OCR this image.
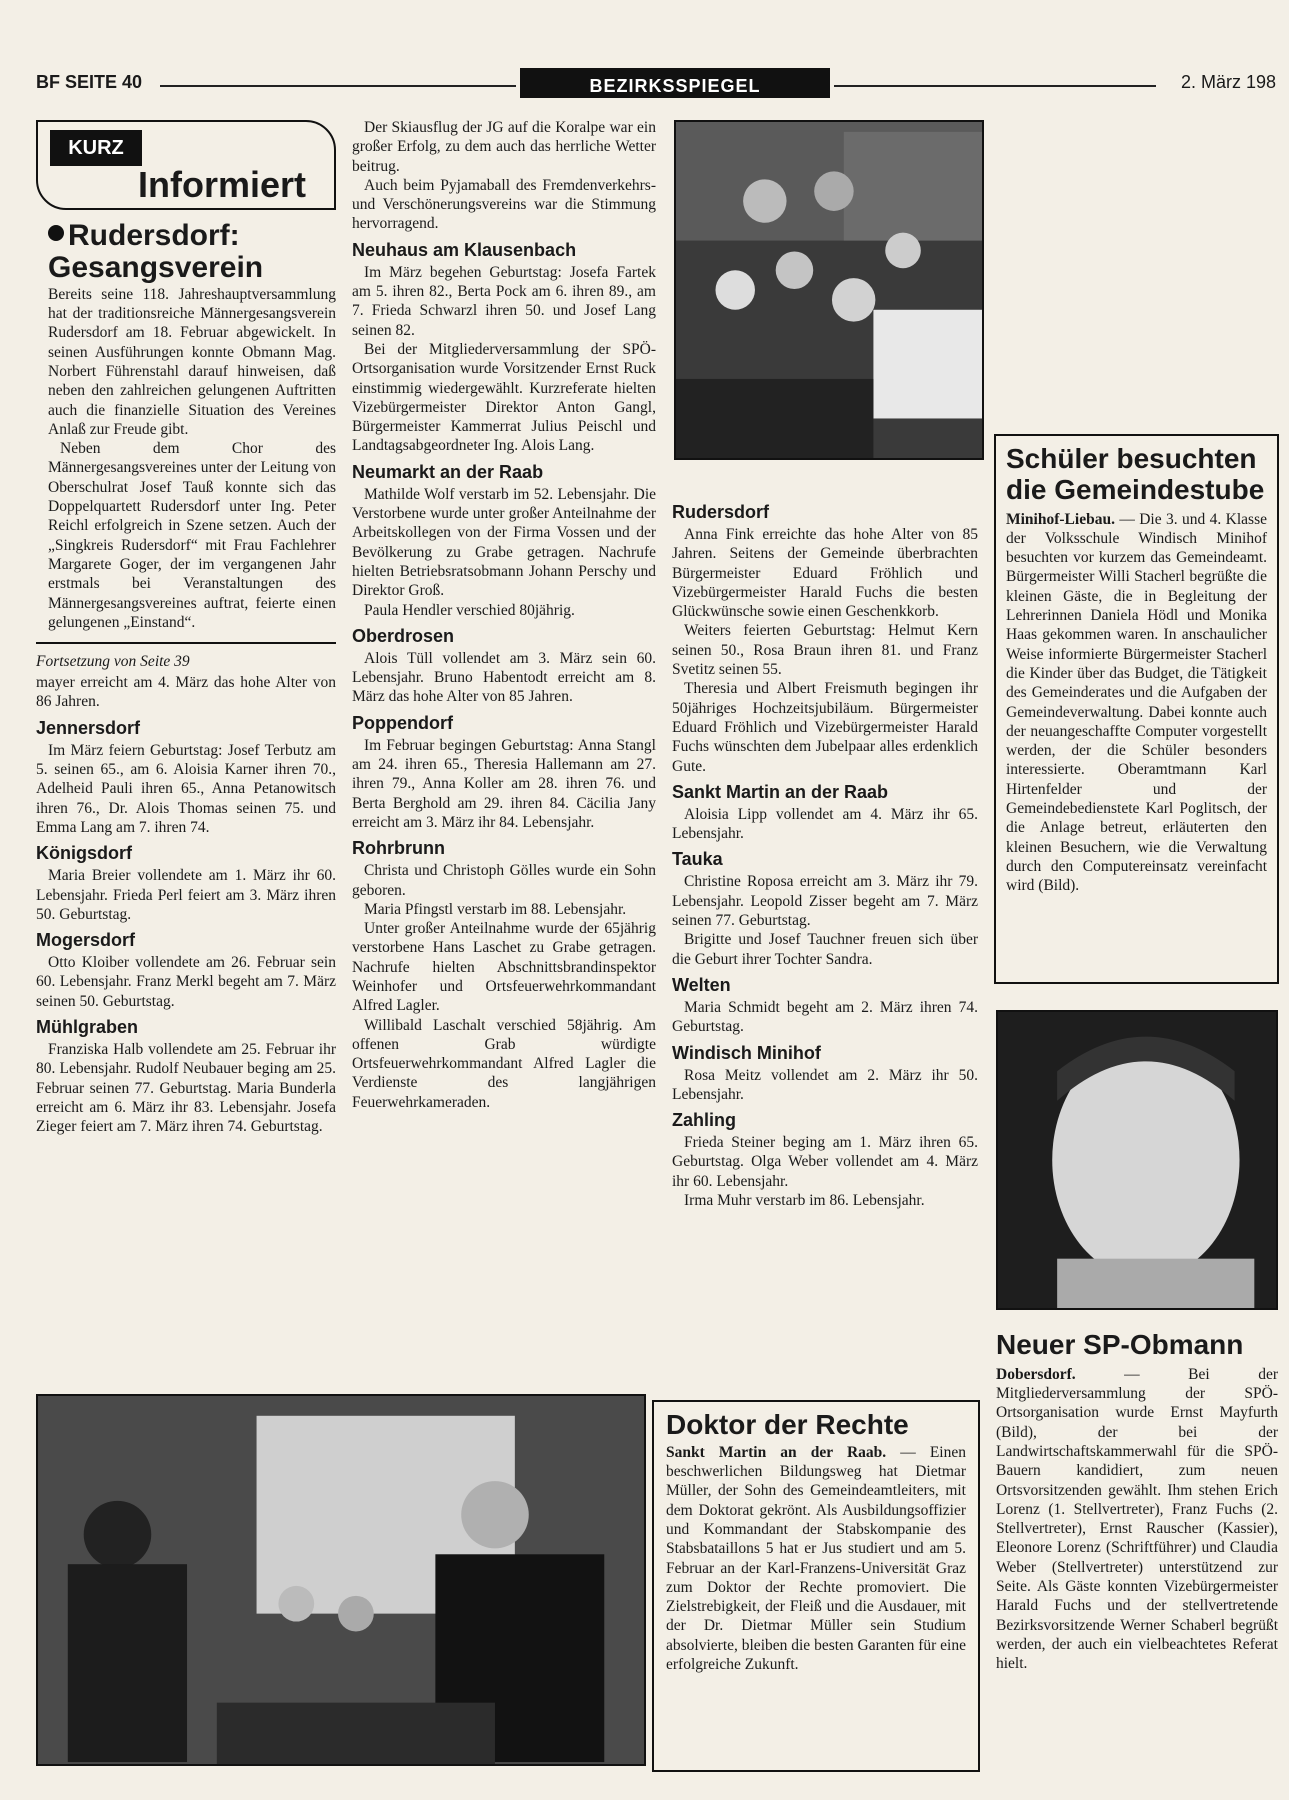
BF SEITE 40	BEZIRKSSPIEGEL	2. März 198
KURZ
Informiert
Rudersdorf: Gesangsverein

Bereits seine 118. Jahreshauptversammlung hat der traditionsreiche Männergesangsverein Rudersdorf am 18. Februar abgewickelt. In seinen Ausführungen konnte Obmann Mag. Norbert Führenstahl darauf hinweisen, daß neben den zahlreichen gelungenen Auftritten auch die finanzielle Situation des Vereines Anlaß zur Freude gibt.

Neben dem Chor des Männergesangsvereines unter der Leitung von Oberschulrat Josef Tauß konnte sich das Doppelquartett Rudersdorf unter Ing. Peter Reichl erfolgreich in Szene setzen. Auch der „Singkreis Rudersdorf“ mit Frau Fachlehrer Margarete Goger, der im vergangenen Jahr erstmals bei Veranstaltungen des Männergesangsvereines auftrat, feierte einen gelungenen „Einstand“.

Fortsetzung von Seite 39

mayer erreicht am 4. März das hohe Alter von 86 Jahren.

Jennersdorf

Im März feiern Geburtstag: Josef Terbutz am 5. seinen 65., am 6. Aloisia Karner ihren 70., Adelheid Pauli ihren 65., Anna Petanowitsch ihren 76., Dr. Alois Thomas seinen 75. und Emma Lang am 7. ihren 74.

Königsdorf

Maria Breier vollendete am 1. März ihr 60. Lebensjahr. Frieda Perl feiert am 3. März ihren 50. Geburtstag.

Mogersdorf

Otto Kloiber vollendete am 26. Februar sein 60. Lebensjahr. Franz Merkl begeht am 7. März seinen 50. Geburtstag.

Mühlgraben

Franziska Halb vollendete am 25. Februar ihr 80. Lebensjahr. Rudolf Neubauer beging am 25. Februar seinen 77. Geburtstag. Maria Bunderla erreicht am 6. März ihr 83. Lebensjahr. Josefa Zieger feiert am 7. März ihren 74. Geburtstag.

Der Skiausflug der JG auf die Koralpe war ein großer Erfolg, zu dem auch das herrliche Wetter beitrug.

Auch beim Pyjamaball des Fremdenverkehrs- und Verschönerungsvereins war die Stimmung hervorragend.

Neuhaus am Klausenbach

Im März begehen Geburtstag: Josefa Fartek am 5. ihren 82., Berta Pock am 6. ihren 89., am 7. Frieda Schwarzl ihren 50. und Josef Lang seinen 82.

Bei der Mitgliederversammlung der SPÖ-Ortsorganisation wurde Vorsitzender Ernst Ruck einstimmig wiedergewählt. Kurzreferate hielten Vizebürgermeister Direktor Anton Gangl, Bürgermeister Kammerrat Julius Peischl und Landtagsabgeordneter Ing. Alois Lang.

Neumarkt an der Raab

Mathilde Wolf verstarb im 52. Lebensjahr. Die Verstorbene wurde unter großer Anteilnahme der Arbeitskollegen von der Firma Vossen und der Bevölkerung zu Grabe getragen. Nachrufe hielten Betriebsratsobmann Johann Perschy und Direktor Groß.

Paula Hendler verschied 80jährig.

Oberdrosen

Alois Tüll vollendet am 3. März sein 60. Lebensjahr. Bruno Habentodt erreicht am 8. März das hohe Alter von 85 Jahren.

Poppendorf

Im Februar begingen Geburtstag: Anna Stangl am 24. ihren 65., Theresia Hallemann am 27. ihren 79., Anna Koller am 28. ihren 76. und Berta Berghold am 29. ihren 84. Cäcilia Jany erreicht am 3. März ihr 84. Lebensjahr.

Rohrbrunn

Christa und Christoph Gölles wurde ein Sohn geboren.

Maria Pfingstl verstarb im 88. Lebensjahr.

Unter großer Anteilnahme wurde der 65jährig verstorbene Hans Laschet zu Grabe getragen. Nachrufe hielten Abschnittsbrandinspektor Weinhofer und Ortsfeuerwehrkommandant Alfred Lagler.

Willibald Laschalt verschied 58jährig. Am offenen Grab würdigte Ortsfeuerwehrkommandant Alfred Lagler die Verdienste des langjährigen Feuerwehrkameraden.

Rudersdorf

Anna Fink erreichte das hohe Alter von 85 Jahren. Seitens der Gemeinde überbrachten Bürgermeister Eduard Fröhlich und Vizebürgermeister Harald Fuchs die besten Glückwünsche sowie einen Geschenkkorb.

Weiters feierten Geburtstag: Helmut Kern seinen 50., Rosa Braun ihren 81. und Franz Svetitz seinen 55.

Theresia und Albert Freismuth begingen ihr 50jähriges Hochzeitsjubiläum. Bürgermeister Eduard Fröhlich und Vizebürgermeister Harald Fuchs wünschten dem Jubelpaar alles erdenklich Gute.

Sankt Martin an der Raab

Aloisia Lipp vollendet am 4. März ihr 65. Lebensjahr.

Tauka

Christine Roposa erreicht am 3. März ihr 79. Lebensjahr. Leopold Zisser begeht am 7. März seinen 77. Geburtstag.

Brigitte und Josef Tauchner freuen sich über die Geburt ihrer Tochter Sandra.

Welten

Maria Schmidt begeht am 2. März ihren 74. Geburtstag.

Windisch Minihof

Rosa Meitz vollendet am 2. März ihr 50. Lebensjahr.

Zahling

Frieda Steiner beging am 1. März ihren 65. Geburtstag. Olga Weber vollendet am 4. März ihr 60. Lebensjahr.

Irma Muhr verstarb im 86. Lebensjahr.

Schüler besuchten die Gemeindestube

Minihof-Liebau. — Die 3. und 4. Klasse der Volksschule Windisch Minihof besuchten vor kurzem das Gemeindeamt. Bürgermeister Willi Stacherl begrüßte die kleinen Gäste, die in Begleitung der Lehrerinnen Daniela Hödl und Monika Haas gekommen waren. In anschaulicher Weise informierte Bürgermeister Stacherl die Kinder über das Budget, die Tätigkeit des Gemeinderates und die Aufgaben der Gemeindeverwaltung. Dabei konnte auch der neuangeschaffte Computer vorgestellt werden, der die Schüler besonders interessierte. Oberamtmann Karl Hirtenfelder und der Gemeindebedienstete Karl Poglitsch, der die Anlage betreut, erläuterten den kleinen Besuchern, wie die Verwaltung durch den Computereinsatz vereinfacht wird (Bild).

Neuer SP-Obmann

Dobersdorf.	— Bei der Mitgliederversammlung der SPÖ-Ortsorganisation wurde Ernst Mayfurth (Bild), der bei der Landwirtschaftskammerwahl für die SPÖ-Bauern kandidiert, zum neuen Ortsvorsitzenden gewählt. Ihm stehen Erich Lorenz (1. Stellvertreter), Franz Fuchs (2. Stellvertreter), Ernst Rauscher (Kassier), Eleonore Lorenz (Schriftführer) und Claudia Weber (Stellvertreter) unterstützend zur Seite. Als Gäste konnten Vizebürgermeister Harald Fuchs und der stellvertretende Bezirksvorsitzende Werner Schaberl begrüßt werden, der auch ein vielbeachtetes Referat hielt.

Doktor der Rechte

Sankt Martin an der Raab. — Einen beschwerlichen Bildungsweg hat Dietmar Müller, der Sohn des Gemeindeamtleiters, mit dem Doktorat gekrönt. Als Ausbildungsoffizier und Kommandant der Stabskompanie des Stabsbataillons 5 hat er Jus studiert und am 5. Februar an der Karl-Franzens-Universität Graz zum Doktor der Rechte promoviert. Die Zielstrebigkeit, der Fleiß und die Ausdauer, mit der Dr. Dietmar Müller sein Studium absolvierte, bleiben die besten Garanten für eine erfolgreiche Zukunft.
